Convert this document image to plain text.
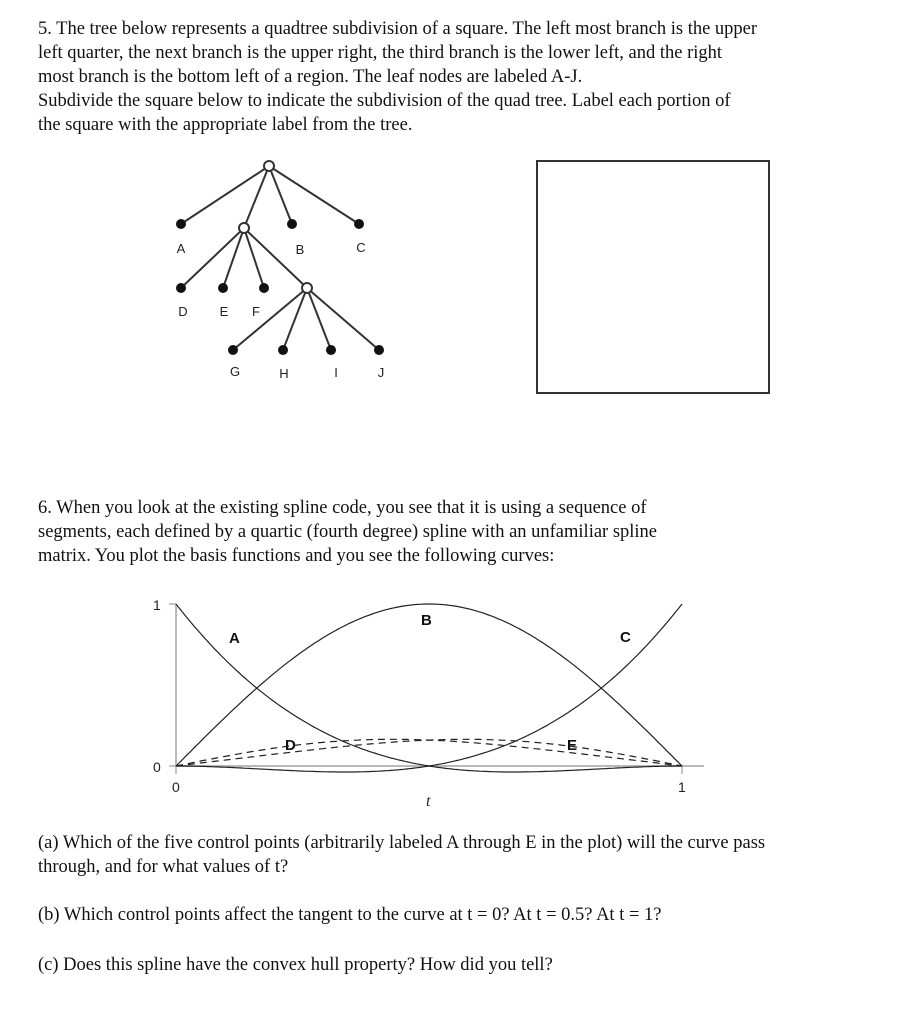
5. The tree below represents a quadtree subdivision of a square. The left most branch is the upper
left quarter, the next branch is the upper right, the third branch is the lower left, and the right
most branch is the bottom left of a region. The leaf nodes are labeled A-J.
Subdivide the square below to indicate the subdivision of the quad tree. Label each portion of
the square with the appropriate label from the tree.

A	B	C
D E F
G	H	I	J

6. When you look at the existing spline code, you see that it is using a sequence of
segments, each defined by a quartic (fourth degree) spline with an unfamiliar spline
matrix. You plot the basis functions and you see the following curves:

1
0
0	1
t
A
B
C
D	E

(a) Which of the five control points (arbitrarily labeled A through E in the plot) will the curve pass
through, and for what values of t?

(b) Which control points affect the tangent to the curve at t = 0? At t = 0.5? At t = 1?

(c) Does this spline have the convex hull property? How did you tell?
